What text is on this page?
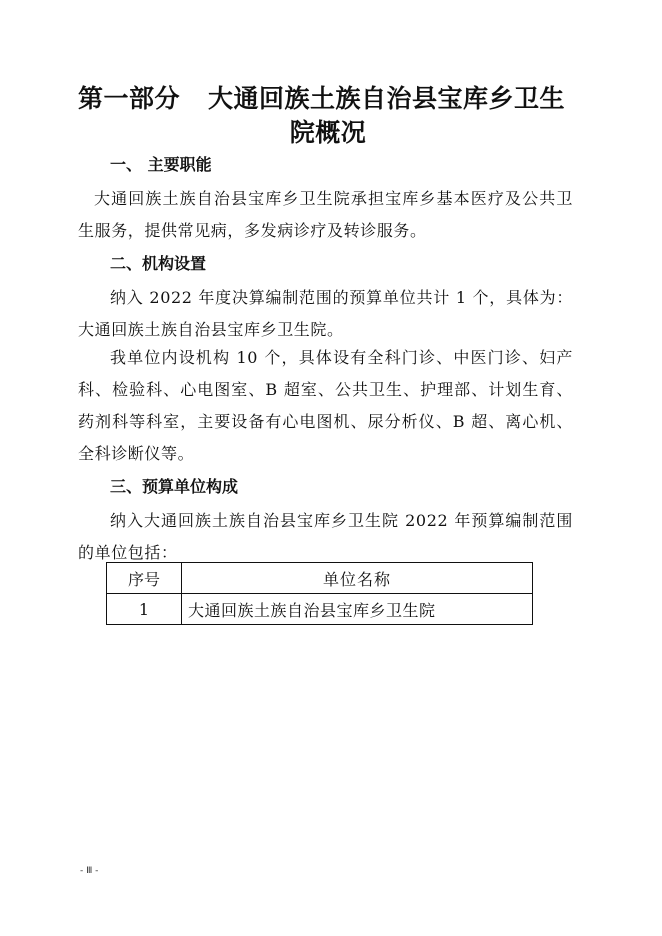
第一部分 大通回族土族自治县宝库乡卫生
院概况
一、 主要职能
大通回族土族自治县宝库乡卫生院承担宝库乡基本医疗及公共卫生服务，提供常见病，多发病诊疗及转诊服务。
二、机构设置
纳入 2022 年度决算编制范围的预算单位共计 1 个，具体为：大通回族土族自治县宝库乡卫生院。
我单位内设机构 10 个，具体设有全科门诊、中医门诊、妇产科、检验科、心电图室、B 超室、公共卫生、护理部、计划生育、药剂科等科室，主要设备有心电图机、尿分析仪、B 超、离心机、全科诊断仪等。
三、预算单位构成
纳入大通回族土族自治县宝库乡卫生院 2022 年预算编制范围的单位包括：
序号	单位名称
1	大通回族土族自治县宝库乡卫生院
- Ⅲ -
